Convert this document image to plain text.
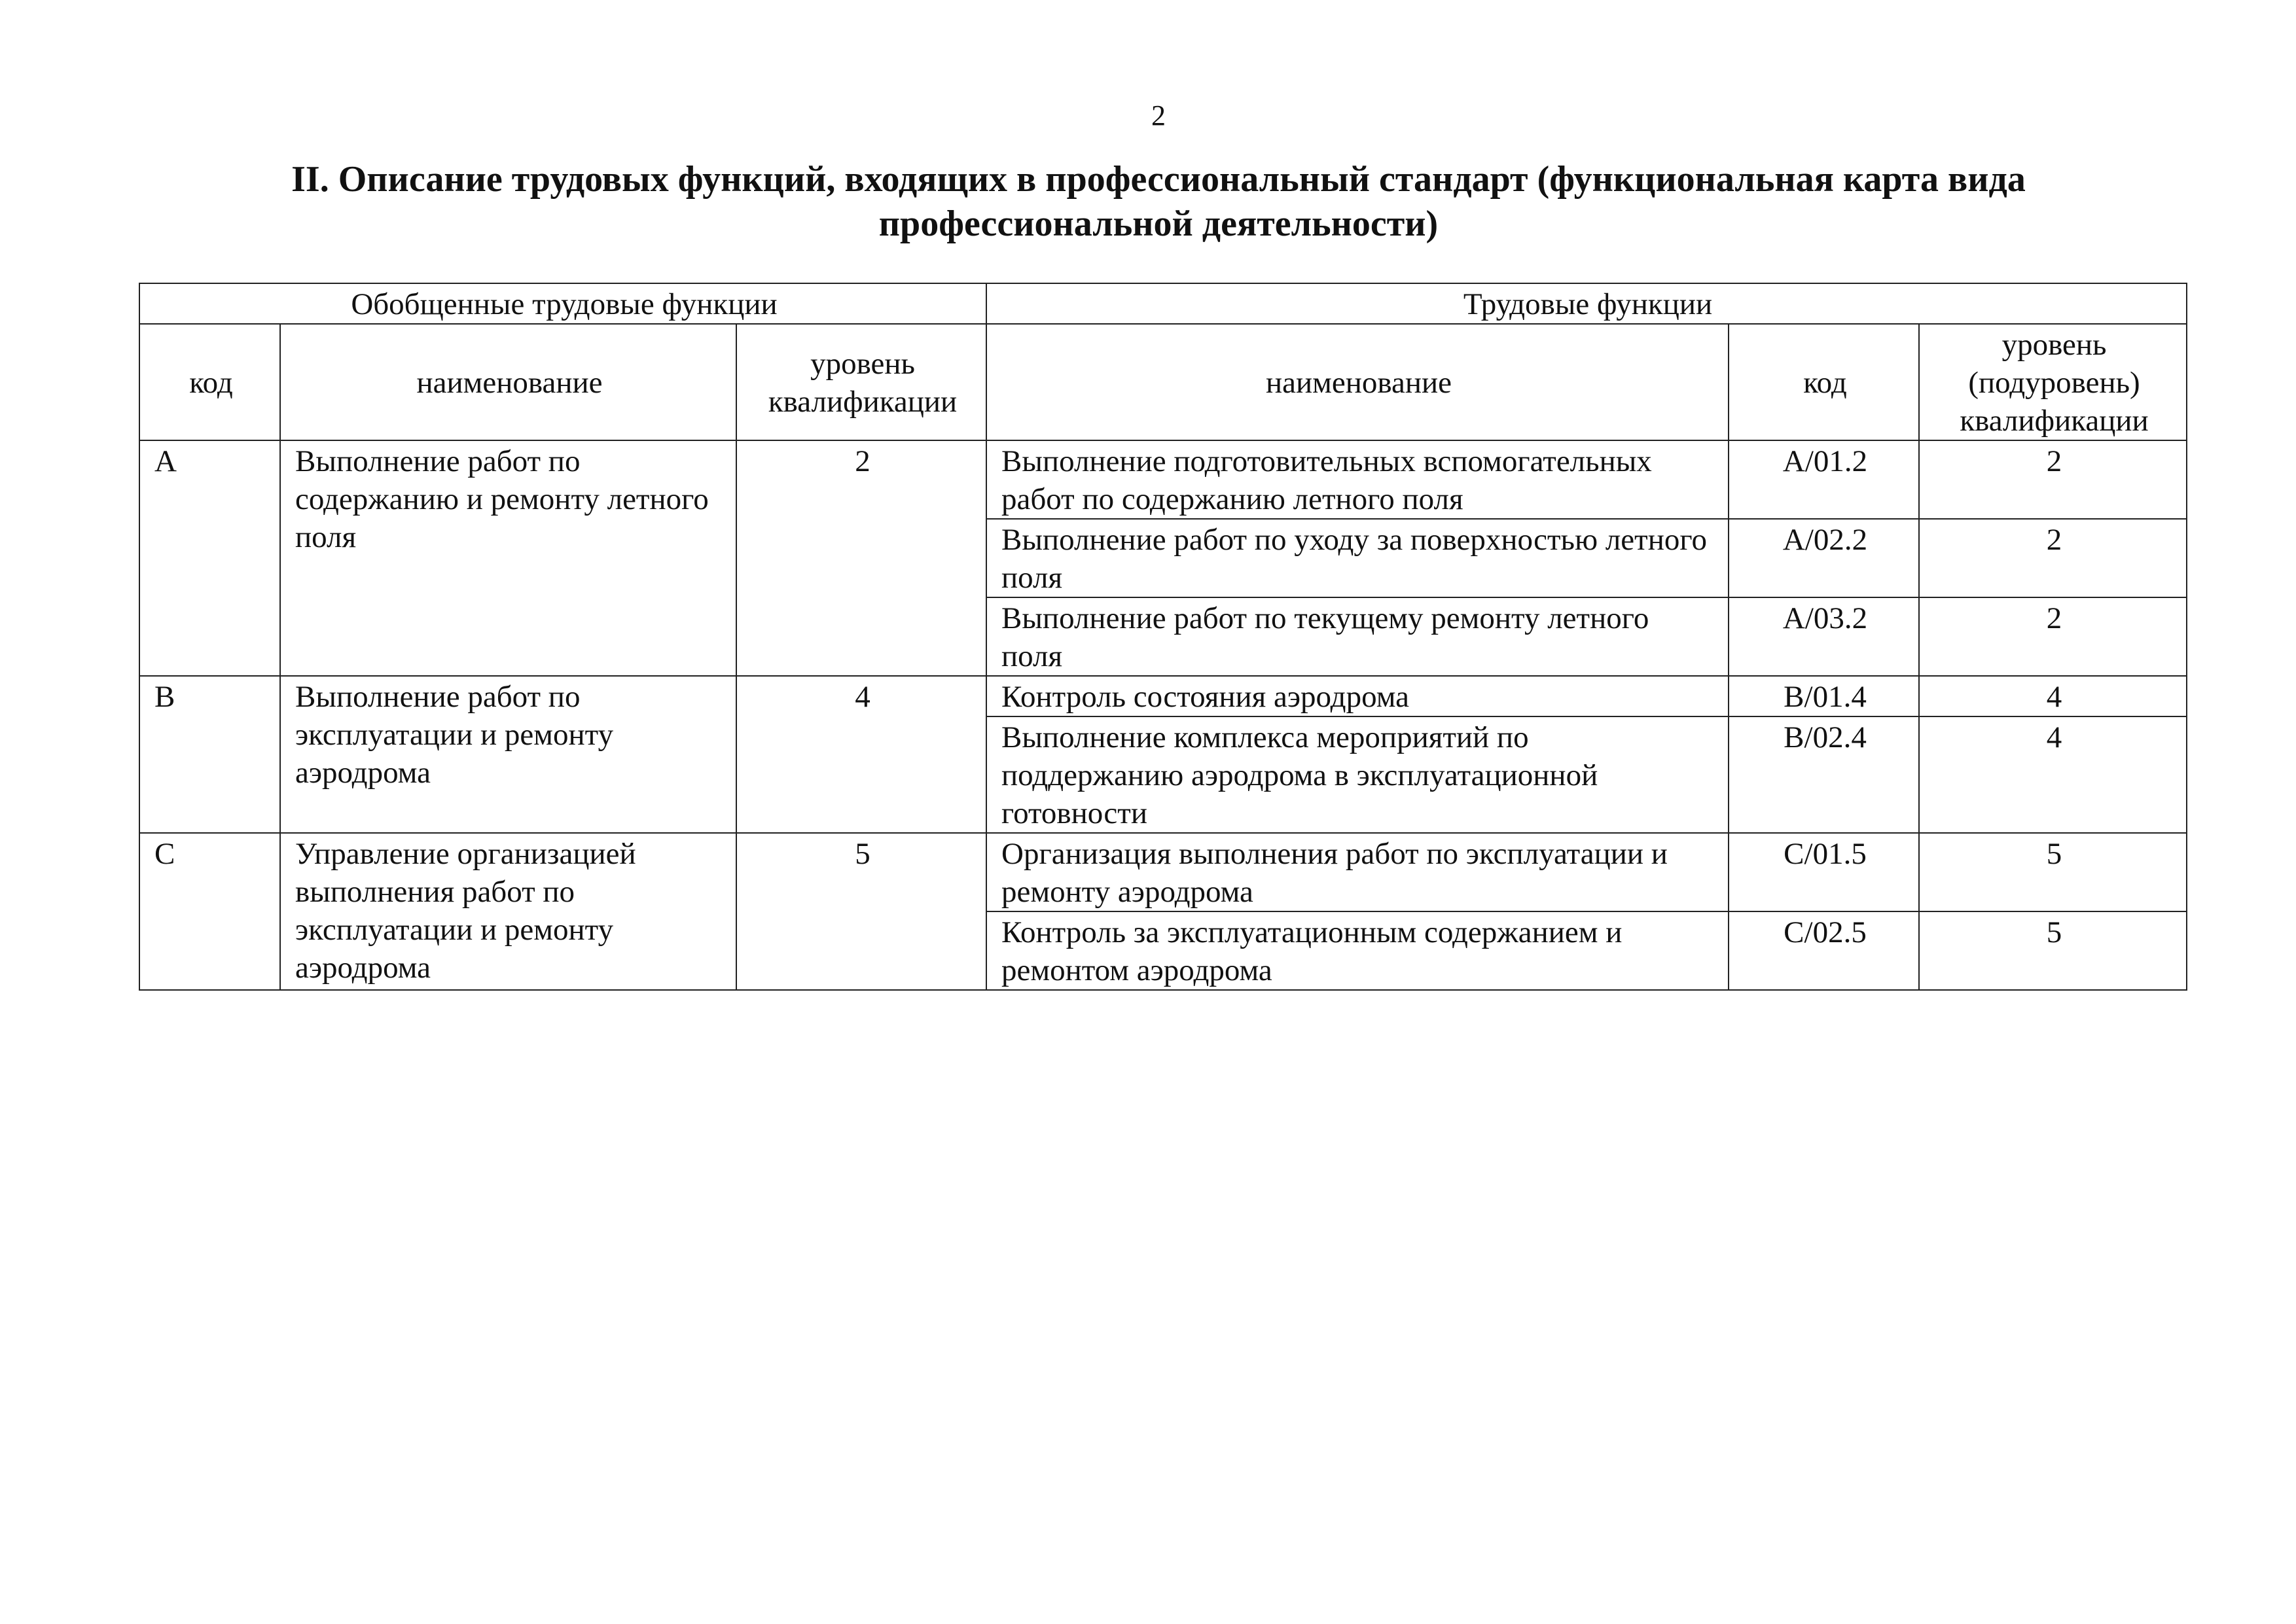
2
II. Описание трудовых функций, входящих в профессиональный стандарт (функциональная карта вида профессиональной деятельности)
Обобщенные трудовые функции			Трудовые функции		
код	наименование	уровень квалификации	наименование	код	уровень (подуровень) квалификации
A	Выполнение работ по содержанию и ремонту летного поля	2	Выполнение подготовительных вспомогательных работ по содержанию летного поля	A/01.2	2
			Выполнение работ по уходу за поверхностью летного поля	A/02.2	2
			Выполнение работ по текущему ремонту летного поля	A/03.2	2
B	Выполнение работ по эксплуатации и ремонту аэродрома	4	Контроль состояния аэродрома	B/01.4	4
			Выполнение комплекса мероприятий по поддержанию аэродрома в эксплуатационной готовности	B/02.4	4
C	Управление организацией выполнения работ по эксплуатации и ремонту аэродрома	5	Организация выполнения работ по эксплуатации и ремонту аэродрома	C/01.5	5
			Контроль за эксплуатационным содержанием и ремонтом аэродрома	C/02.5	5
